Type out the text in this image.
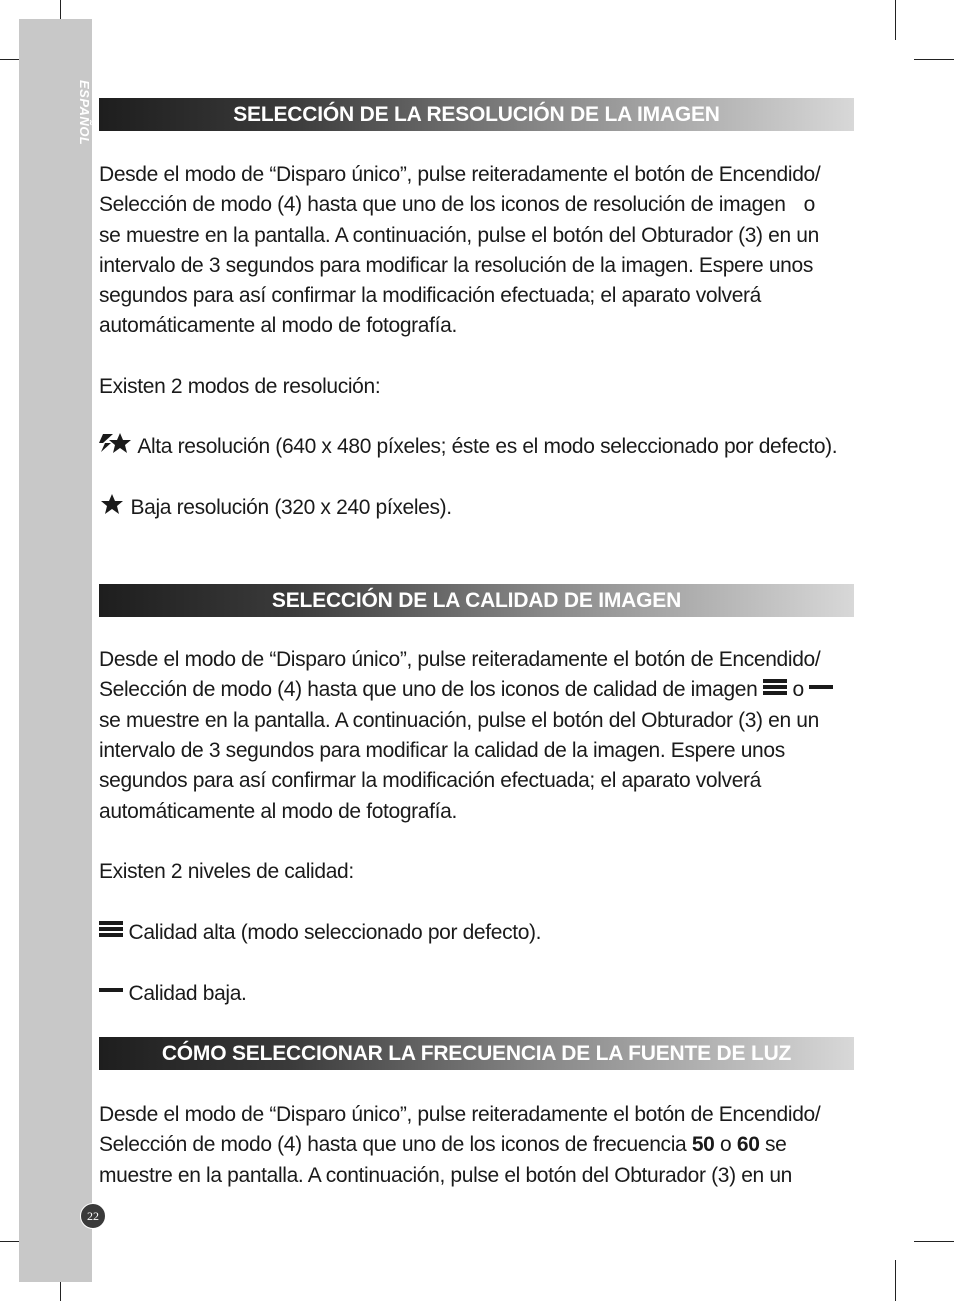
ESPAÑOL
22
SELECCIÓN DE LA RESOLUCIÓN DE LA IMAGEN
Desde el modo de “Disparo único”, pulse reiteradamente el botón de Encendido/
Selección de modo (4) hasta que uno de los iconos de resolución de imagen o
se muestre en la pantalla. A continuación, pulse el botón del Obturador (3) en un
intervalo de 3 segundos para modificar la resolución de la imagen. Espere unos
segundos para así confirmar la modificación efectuada; el aparato volverá
automáticamente al modo de fotografía.
Existen 2 modos de resolución:
Alta resolución (640 x 480 píxeles; éste es el modo seleccionado por defecto).
Baja resolución (320 x 240 píxeles).
SELECCIÓN DE LA CALIDAD DE IMAGEN
Desde el modo de “Disparo único”, pulse reiteradamente el botón de Encendido/
Selección de modo (4) hasta que uno de los iconos de calidad de imagen o
se muestre en la pantalla. A continuación, pulse el botón del Obturador (3) en un
intervalo de 3 segundos para modificar la calidad de la imagen. Espere unos
segundos para así confirmar la modificación efectuada; el aparato volverá
automáticamente al modo de fotografía.
Existen 2 niveles de calidad:
Calidad alta (modo seleccionado por defecto).
Calidad baja.
CÓMO SELECCIONAR LA FRECUENCIA DE LA FUENTE DE LUZ
Desde el modo de “Disparo único”, pulse reiteradamente el botón de Encendido/
Selección de modo (4) hasta que uno de los iconos de frecuencia 50 o 60 se
muestre en la pantalla. A continuación, pulse el botón del Obturador (3) en un
